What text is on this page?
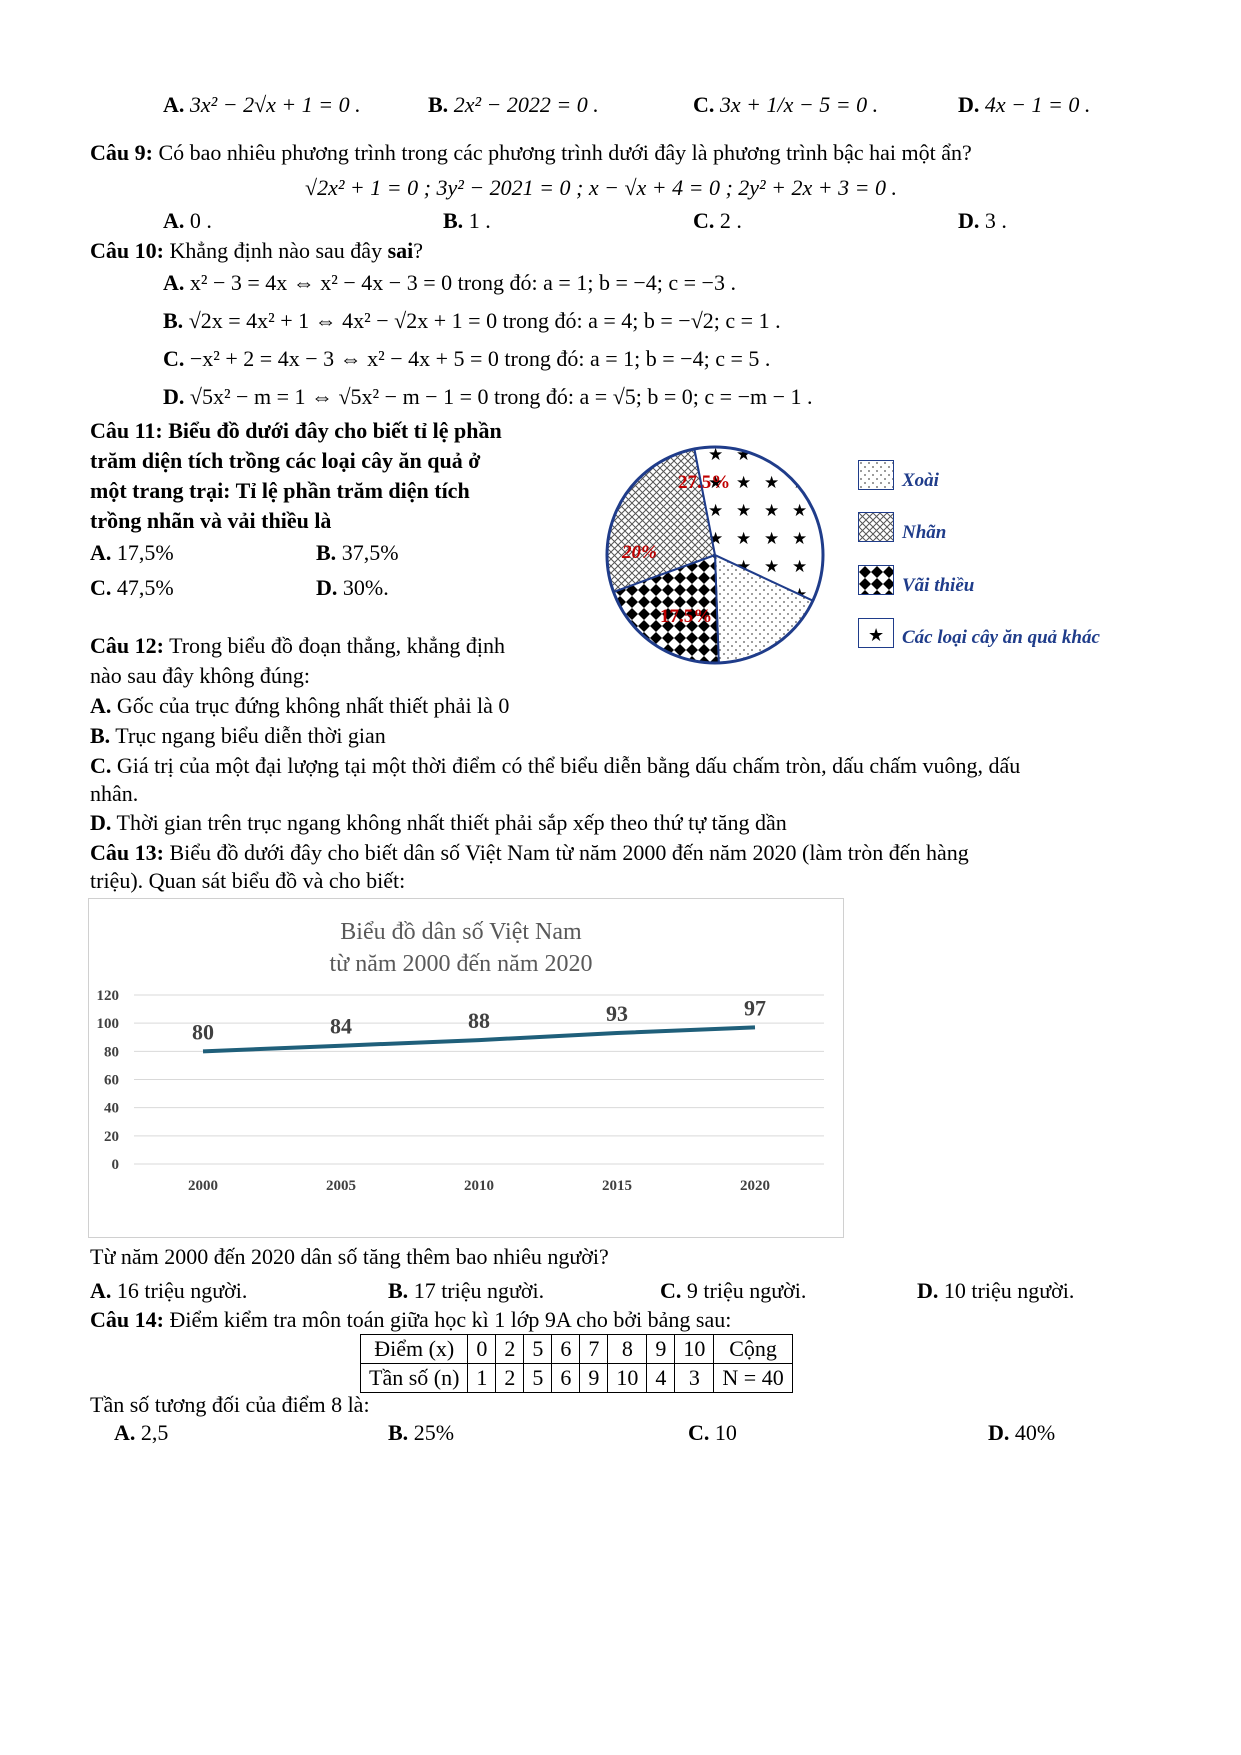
A. 3x² − 2√x + 1 = 0 .	B. 2x² − 2022 = 0 .	C. 3x + 1/x − 5 = 0 .	D. 4x − 1 = 0 .
Câu 9: Có bao nhiêu phương trình trong các phương trình dưới đây là phương trình bậc hai một ẩn?
√2x² + 1 = 0 ; 3y² − 2021 = 0 ; x − √x + 4 = 0 ; 2y² + 2x + 3 = 0 .
A. 0 .	B. 1 .	C. 2 .	D. 3 .
Câu 10: Khẳng định nào sau đây sai?
A. x² − 3 = 4x ⇔ x² − 4x − 3 = 0 trong đó: a = 1; b = −4; c = −3 .
B. √2x = 4x² + 1 ⇔ 4x² − √2x + 1 = 0 trong đó: a = 4; b = −√2; c = 1 .
C. −x² + 2 = 4x − 3 ⇔ x² − 4x + 5 = 0 trong đó: a = 1; b = −4; c = 5 .
D. √5x² − m = 1 ⇔ √5x² − m − 1 = 0 trong đó: a = √5; b = 0; c = −m − 1 .
Câu 11: Biểu đồ dưới đây cho biết tỉ lệ phần
trăm diện tích trồng các loại cây ăn quả ở
một trang trại: Tỉ lệ phần trăm diện tích
trồng nhãn và vải thiều là
A. 17,5%	B. 37,5%
C. 47,5%	D. 30%.
27.5%
20%
17.5%
Xoài
Nhãn
Vãi thiều
★ Các loại cây ăn quả khác
Câu 12: Trong biểu đồ đoạn thẳng, khẳng định
nào sau đây không đúng:
A. Gốc của trục đứng không nhất thiết phải là 0
B. Trục ngang biểu diễn thời gian
C. Giá trị của một đại lượng tại một thời điểm có thể biểu diễn bằng dấu chấm tròn, dấu chấm vuông, dấu
nhân.
D. Thời gian trên trục ngang không nhất thiết phải sắp xếp theo thứ tự tăng dần
Câu 13: Biểu đồ dưới đây cho biết dân số Việt Nam từ năm 2000 đến năm 2020 (làm tròn đến hàng
triệu). Quan sát biểu đồ và cho biết:
Biểu đồ dân số Việt Nam
từ năm 2000 đến năm 2020
0
20
40
60
80
100
120
2000	2005	2010	2015	2020
80	84	88	93	97
Từ năm 2000 đến 2020 dân số tăng thêm bao nhiêu người?
A. 16 triệu người.	B. 17 triệu người.	C. 9 triệu người.	D. 10 triệu người.
Câu 14: Điểm kiểm tra môn toán giữa học kì 1 lớp 9A cho bởi bảng sau:
Điểm (x)	0	2	5	6	7	8	9	10	Cộng
Tần số (n)	1	2	5	6	9	10	4	3	N = 40
Tần số tương đối của điểm 8 là:
A. 2,5	B. 25%	C. 10	D. 40%
